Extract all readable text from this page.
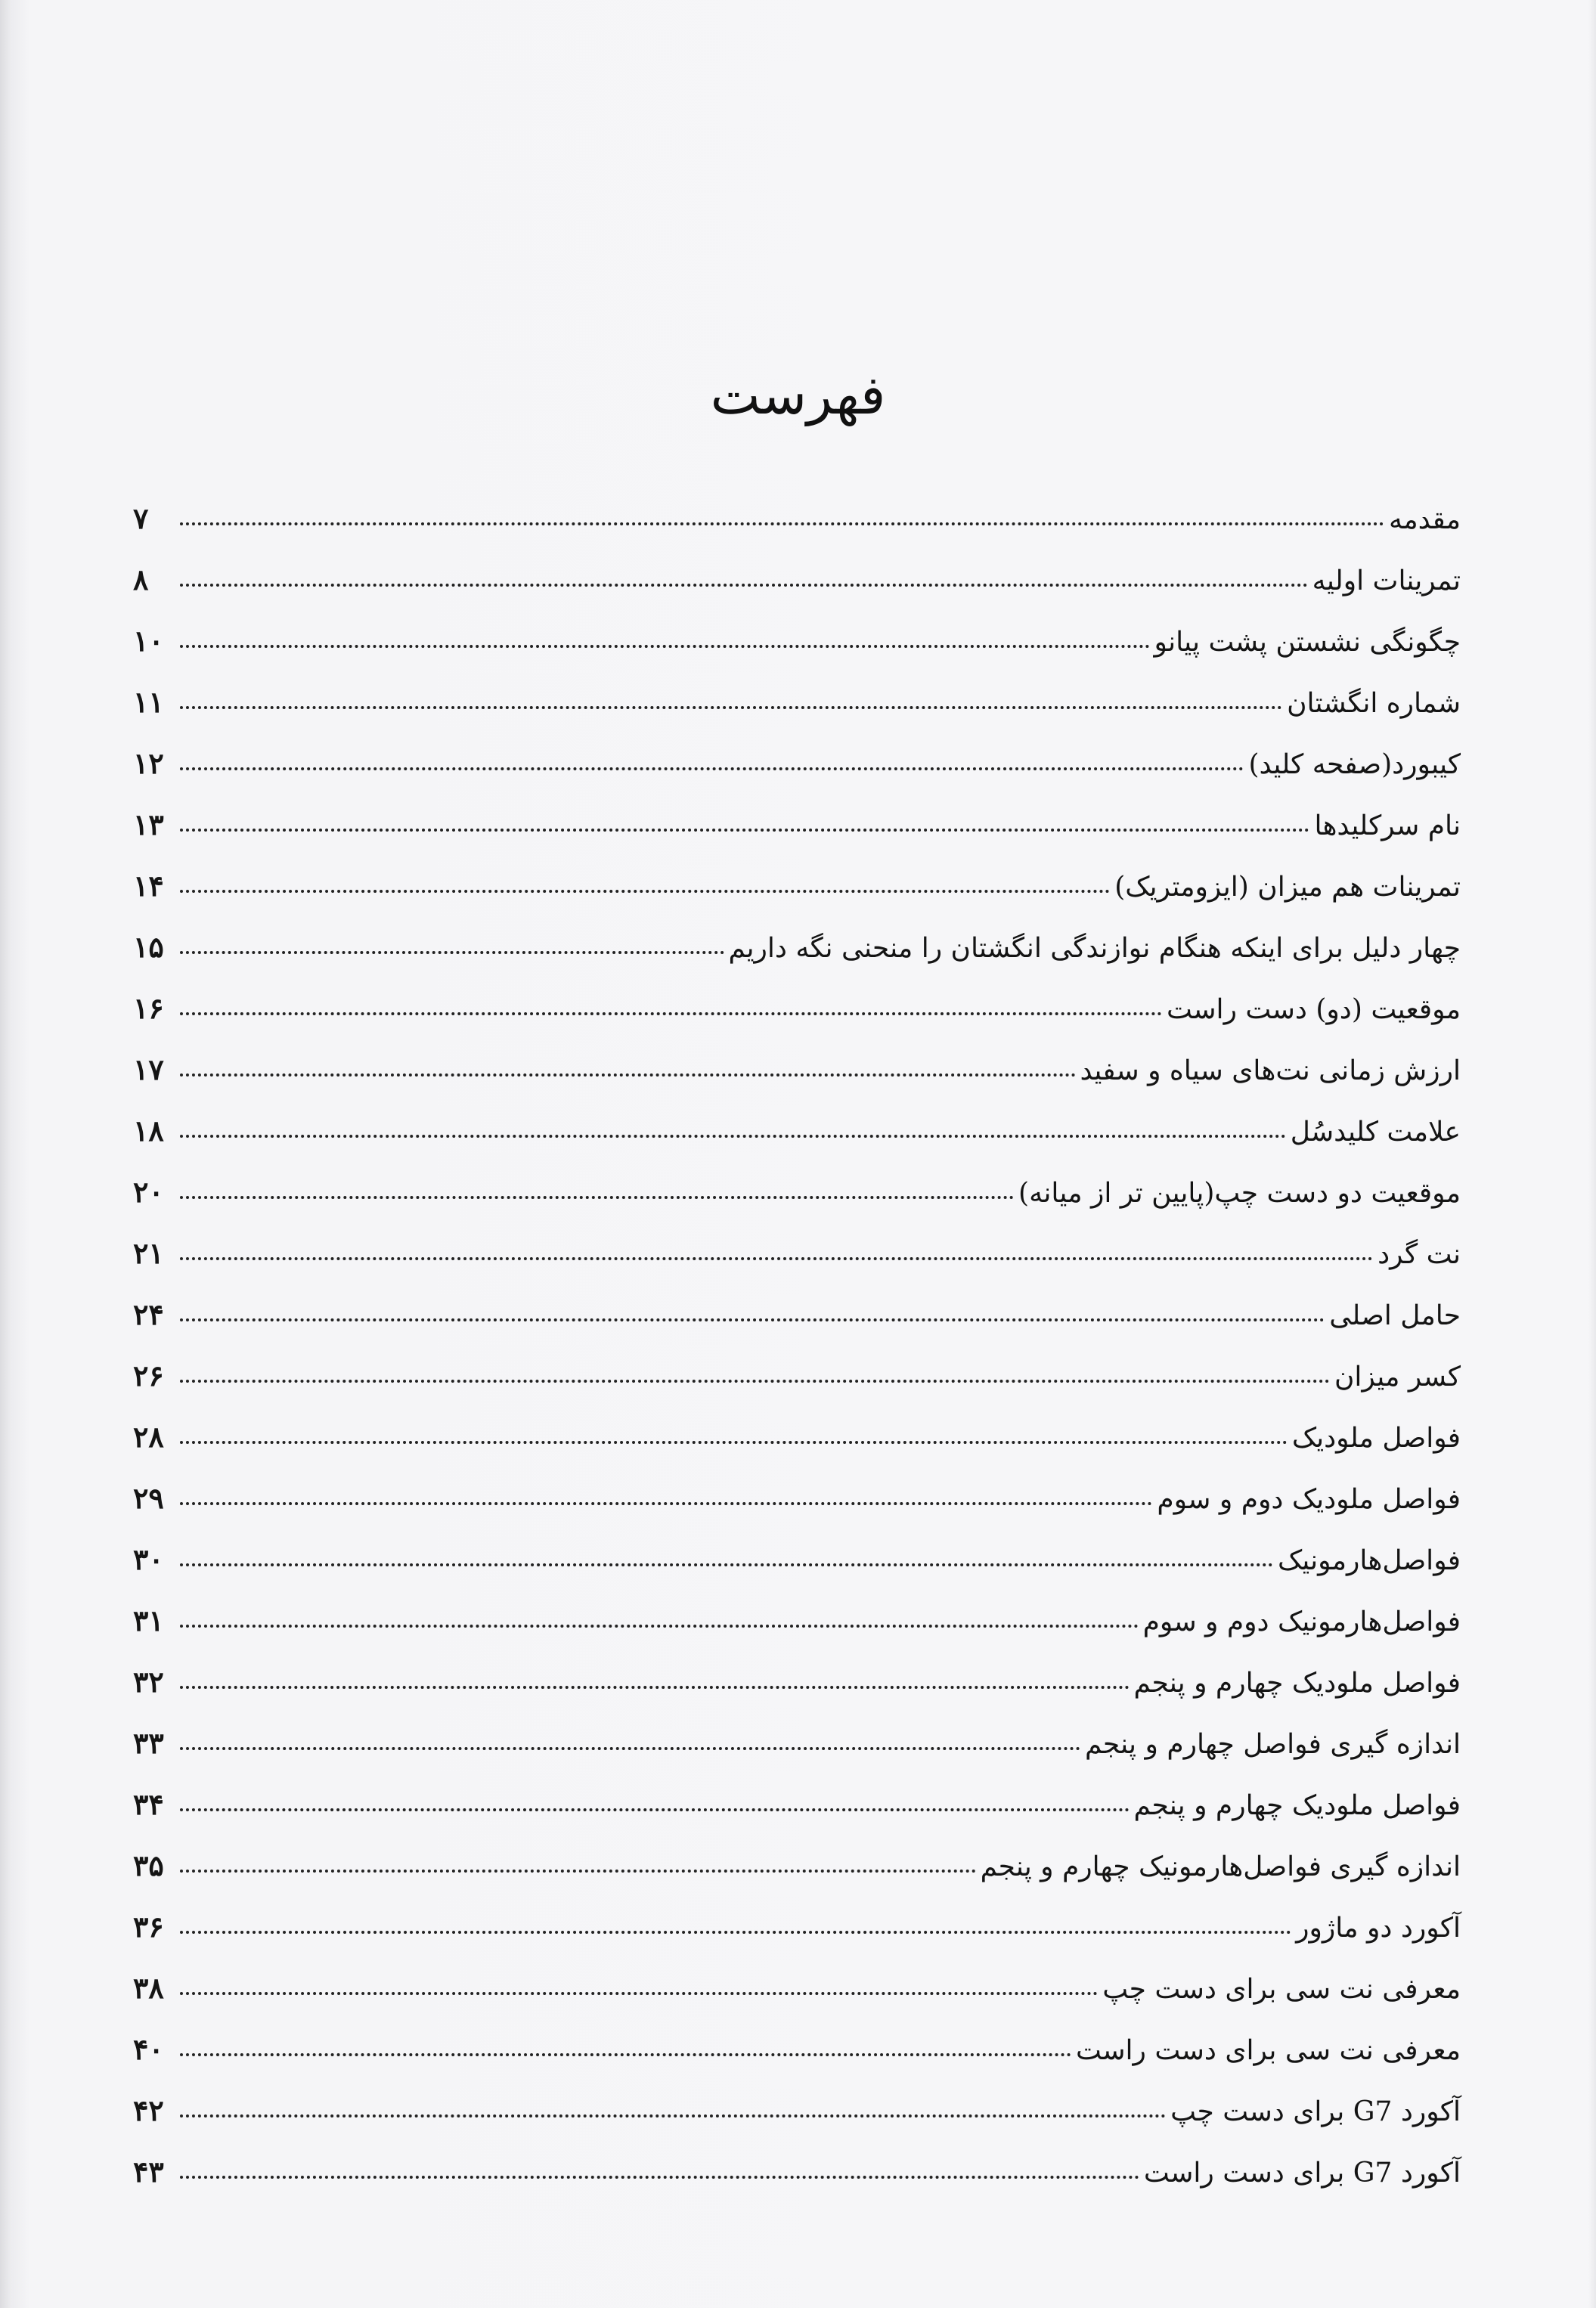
فهرست
مقدمه
۷
تمرینات اولیه
۸
چگونگی نشستن پشت پیانو
۱۰
شماره انگشتان
۱۱
کیبورد(صفحه کلید)
۱۲
نام سرکلیدها
۱۳
تمرینات هم میزان (ایزومتریک)
۱۴
چهار دلیل برای اینکه هنگام نوازندگی انگشتان را منحنی نگه داریم
۱۵
موقعیت (دو) دست راست
۱۶
ارزش زمانی نت‌های سیاه و سفید
۱۷
علامت کلیدسُل
۱۸
موقعیت دو دست چپ(پایین تر از میانه)
۲۰
نت گرد
۲۱
حامل اصلی
۲۴
کسر میزان
۲۶
فواصل ملودیک
۲۸
فواصل ملودیک دوم و سوم
۲۹
فواصل‌هارمونیک
۳۰
فواصل‌هارمونیک دوم و سوم
۳۱
فواصل ملودیک چهارم و پنجم
۳۲
اندازه گیری فواصل چهارم و پنجم
۳۳
فواصل ملودیک چهارم و پنجم
۳۴
اندازه گیری فواصل‌هارمونیک چهارم و پنجم
۳۵
آکورد دو ماژور
۳۶
معرفی نت سی برای دست چپ
۳۸
معرفی نت سی برای دست راست
۴۰
آکورد G7 برای دست چپ
۴۲
آکورد G7 برای دست راست
۴۳
